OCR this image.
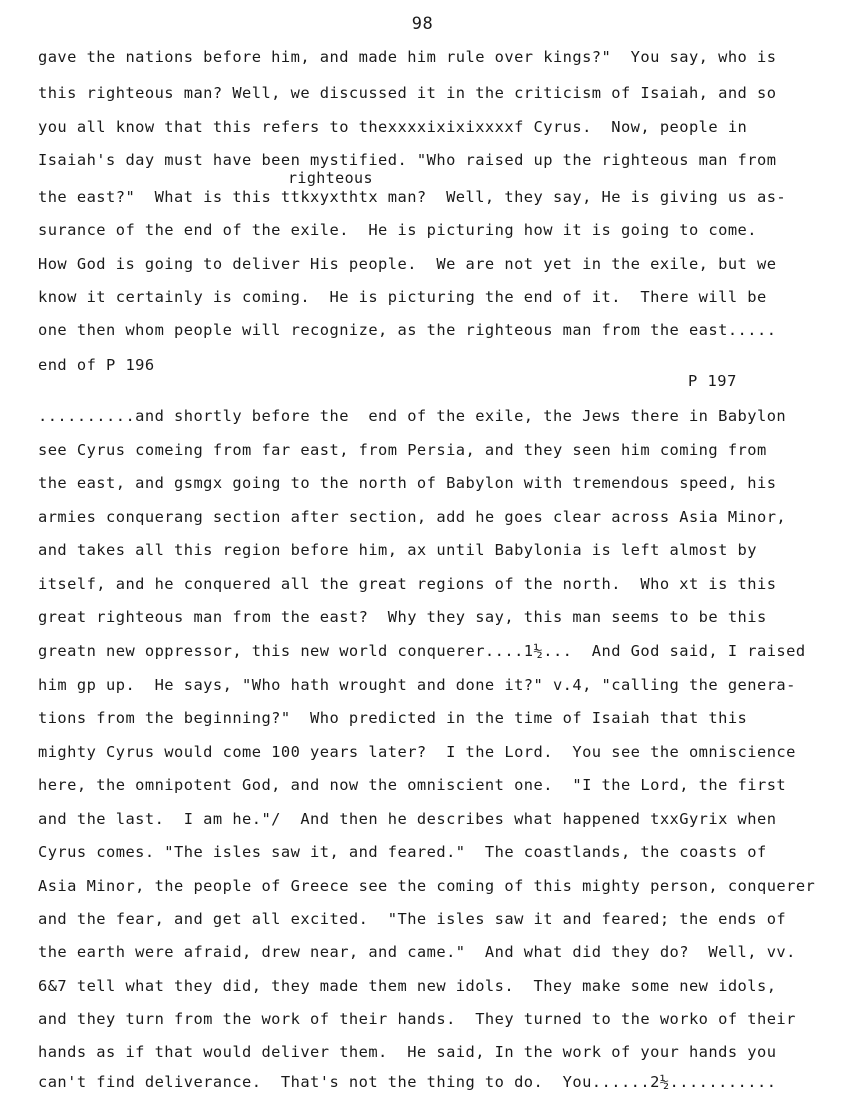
98
righteous
P 197
gave the nations before him, and made him rule over kings?"  You say, who is
this righteous man? Well, we discussed it in the criticism of Isaiah, and so
you all know that this refers to thexxxxixixixxxxf Cyrus.  Now, people in
Isaiah's day must have been mystified. "Who raised up the righteous man from
the east?"  What is this ttkxyxthtx man?  Well, they say, He is giving us as-
surance of the end of the exile.  He is picturing how it is going to come.
How God is going to deliver His people.  We are not yet in the exile, but we
know it certainly is coming.  He is picturing the end of it.  There will be
one then whom people will recognize, as the righteous man from the east.....
end of P 196
..........and shortly before the  end of the exile, the Jews there in Babylon
see Cyrus comeing from far east, from Persia, and they seen him coming from
the east, and gsmgx going to the north of Babylon with tremendous speed, his
armies conquerang section after section, add he goes clear across Asia Minor,
and takes all this region before him, ax until Babylonia is left almost by
itself, and he conquered all the great regions of the north.  Who xt is this
great righteous man from the east?  Why they say, this man seems to be this
greatn new oppressor, this new world conquerer....1½...  And God said, I raised
him gp up.  He says, "Who hath wrought and done it?" v.4, "calling the genera-
tions from the beginning?"  Who predicted in the time of Isaiah that this
mighty Cyrus would come 100 years later?  I the Lord.  You see the omniscience
here, the omnipotent God, and now the omniscient one.  "I the Lord, the first
and the last.  I am he."/  And then he describes what happened txxGyrix when
Cyrus comes. "The isles saw it, and feared."  The coastlands, the coasts of
Asia Minor, the people of Greece see the coming of this mighty person, conquerer
and the fear, and get all excited.  "The isles saw it and feared; the ends of
the earth were afraid, drew near, and came."  And what did they do?  Well, vv.
6&7 tell what they did, they made them new idols.  They make some new idols,
and they turn from the work of their hands.  They turned to the worko of their
hands as if that would deliver them.  He said, In the work of your hands you
can't find deliverance.  That's not the thing to do.  You......2½...........
